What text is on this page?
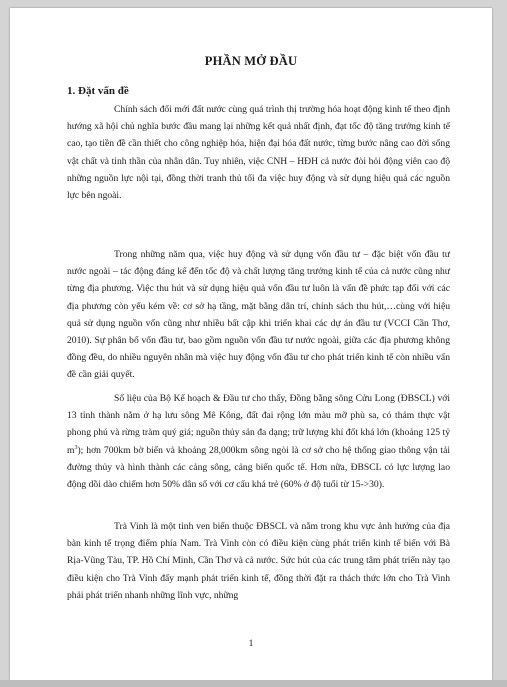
PHẦN MỞ ĐẦU
1. Đặt vấn đề

Chính sách đổi mới đất nước cùng quá trình thị trường hóa hoạt động kinh tế theo định hướng xã hội chủ nghĩa bước đầu mang lại những kết quả nhất định, đạt tốc độ tăng trưởng kinh tế cao, tạo tiền đề cần thiết cho công nghiệp hóa, hiện đại hóa đất nước, từng bước nâng cao đời sống vật chất và tinh thần của nhân dân. Tuy nhiên, việc CNH – HĐH cả nước đòi hỏi động viên cao độ những nguồn lực nội tại, đồng thời tranh thủ tối đa việc huy động và sử dụng hiệu quả các nguồn lực bên ngoài.

Trong những năm qua, việc huy động và sử dụng vốn đầu tư – đặc biệt vốn đầu tư nước ngoài – tác động đáng kể đến tốc độ và chất lượng tăng trưởng kinh tế của cả nước cũng như từng địa phương. Việc thu hút và sử dụng hiệu quả vốn đầu tư luôn là vấn đề phức tạp đối với các địa phương còn yếu kém về: cơ sở hạ tầng, mặt bằng dân trí, chính sách thu hút,…cùng với hiệu quả sử dụng nguồn vốn cũng như nhiều bất cập khi triển khai các dự án đầu tư (VCCI Cần Thơ, 2010). Sự phân bổ vốn đầu tư, bao gồm nguồn vốn đầu tư nước ngoài, giữa các địa phương không đồng đều, do nhiều nguyên nhân mà việc huy động vốn đầu tư cho phát triển kinh tế còn nhiều vấn đề cần giải quyết.

Số liệu của Bộ Kế hoạch & Đầu tư cho thấy, Đồng bằng sông Cửu Long (ĐBSCL) với 13 tỉnh thành nằm ở hạ lưu sông Mê Kông, đất đai rộng lớn màu mỡ phù sa, có thảm thực vật phong phú và rừng tràm quý giá; nguồn thủy sản đa dạng; trữ lượng khí đốt khá lớn (khoảng 125 tỷ $m^3$); hơn 700km bờ biển và khoảng 28,000km sông ngòi là cơ sở cho hệ thống giao thông vận tải đường thủy và hình thành các cảng sông, cảng biển quốc tế. Hơn nữa, ĐBSCL có lực lượng lao động dồi dào chiếm hơn 50% dân số với cơ cấu khá trẻ (60% ở độ tuổi từ 15->30).

Trà Vinh là một tỉnh ven biển thuộc ĐBSCL và nằm trong khu vực ảnh hưởng của địa bàn kinh tế trọng điểm phía Nam. Trà Vinh còn có điều kiện cùng phát triển kinh tế biển với Bà Rịa-Vũng Tàu, TP. Hồ Chí Minh, Cần Thơ và cả nước. Sức hút của các trung tâm phát triển này tạo điều kiện cho Trà Vinh đẩy mạnh phát triển kinh tế, đồng thời đặt ra thách thức lớn cho Trà Vinh phải phát triển nhanh những lĩnh vực, những

1
